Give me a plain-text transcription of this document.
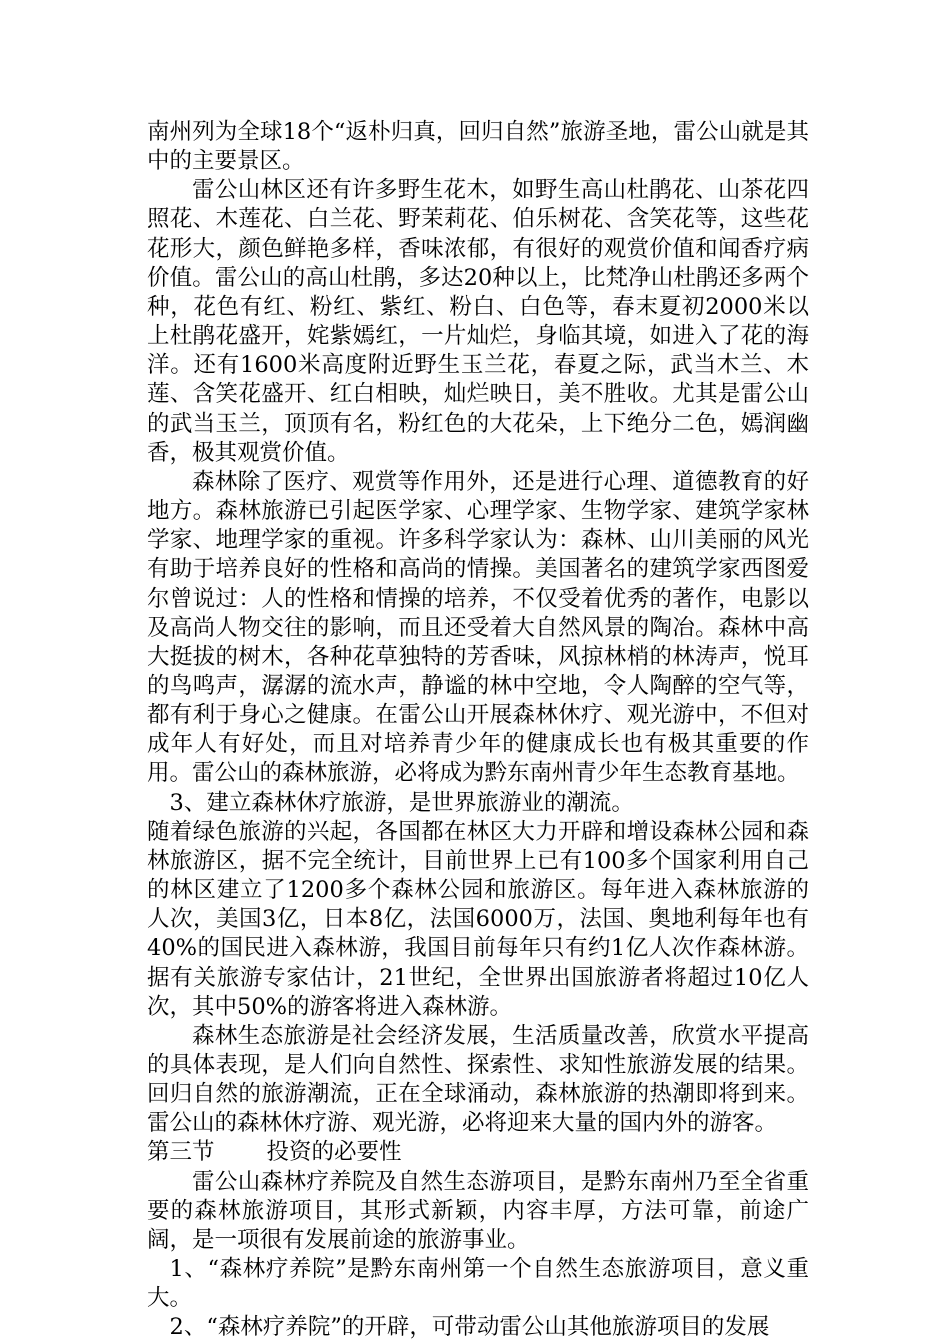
南州列为全球18个“返朴归真，回归自然”旅游圣地，雷公山就是其中的主要景区。

雷公山林区还有许多野生花木，如野生高山杜鹃花、山茶花四照花、木莲花、白兰花、野茉莉花、伯乐树花、含笑花等，这些花花形大，颜色鲜艳多样，香味浓郁，有很好的观赏价值和闻香疗病价值。雷公山的高山杜鹃，多达20种以上，比梵净山杜鹃还多两个种，花色有红、粉红、紫红、粉白、白色等，春末夏初2000米以上杜鹃花盛开，姹紫嫣红，一片灿烂，身临其境，如进入了花的海洋。还有1600米高度附近野生玉兰花，春夏之际，武当木兰、木莲、含笑花盛开、红白相映，灿烂映日，美不胜收。尤其是雷公山的武当玉兰，顶顶有名，粉红色的大花朵，上下绝分二色，嫣润幽香，极其观赏价值。

森林除了医疗、观赏等作用外，还是进行心理、道德教育的好地方。森林旅游已引起医学家、心理学家、生物学家、建筑学家林学家、地理学家的重视。许多科学家认为：森林、山川美丽的风光有助于培养良好的性格和高尚的情操。美国著名的建筑学家西图爱尔曾说过：人的性格和情操的培养，不仅受着优秀的著作，电影以及高尚人物交往的影响，而且还受着大自然风景的陶冶。森林中高大挺拔的树木，各种花草独特的芳香味，风掠林梢的林涛声，悦耳的鸟鸣声，潺潺的流水声，静谧的林中空地，令人陶醉的空气等，都有利于身心之健康。在雷公山开展森林休疗、观光游中，不但对成年人有好处，而且对培养青少年的健康成长也有极其重要的作用。雷公山的森林旅游，必将成为黔东南州青少年生态教育基地。

3、建立森林休疗旅游，是世界旅游业的潮流。

随着绿色旅游的兴起，各国都在林区大力开辟和增设森林公园和森林旅游区，据不完全统计，目前世界上已有100多个国家利用自己的林区建立了1200多个森林公园和旅游区。每年进入森林旅游的人次，美国3亿，日本8亿，法国6000万，法国、奥地利每年也有40%的国民进入森林游，我国目前每年只有约1亿人次作森林游。据有关旅游专家估计，21世纪，全世界出国旅游者将超过10亿人次，其中50%的游客将进入森林游。

森林生态旅游是社会经济发展，生活质量改善，欣赏水平提高的具体表现，是人们向自然性、探索性、求知性旅游发展的结果。回归自然的旅游潮流，正在全球涌动，森林旅游的热潮即将到来。雷公山的森林休疗游、观光游，必将迎来大量的国内外的游客。

第三节 投资的必要性

雷公山森林疗养院及自然生态游项目，是黔东南州乃至全省重要的森林旅游项目，其形式新颖，内容丰厚，方法可靠，前途广阔，是一项很有发展前途的旅游事业。

1、“森林疗养院”是黔东南州第一个自然生态旅游项目，意义重大。

2、“森林疗养院”的开辟，可带动雷公山其他旅游项目的发展
